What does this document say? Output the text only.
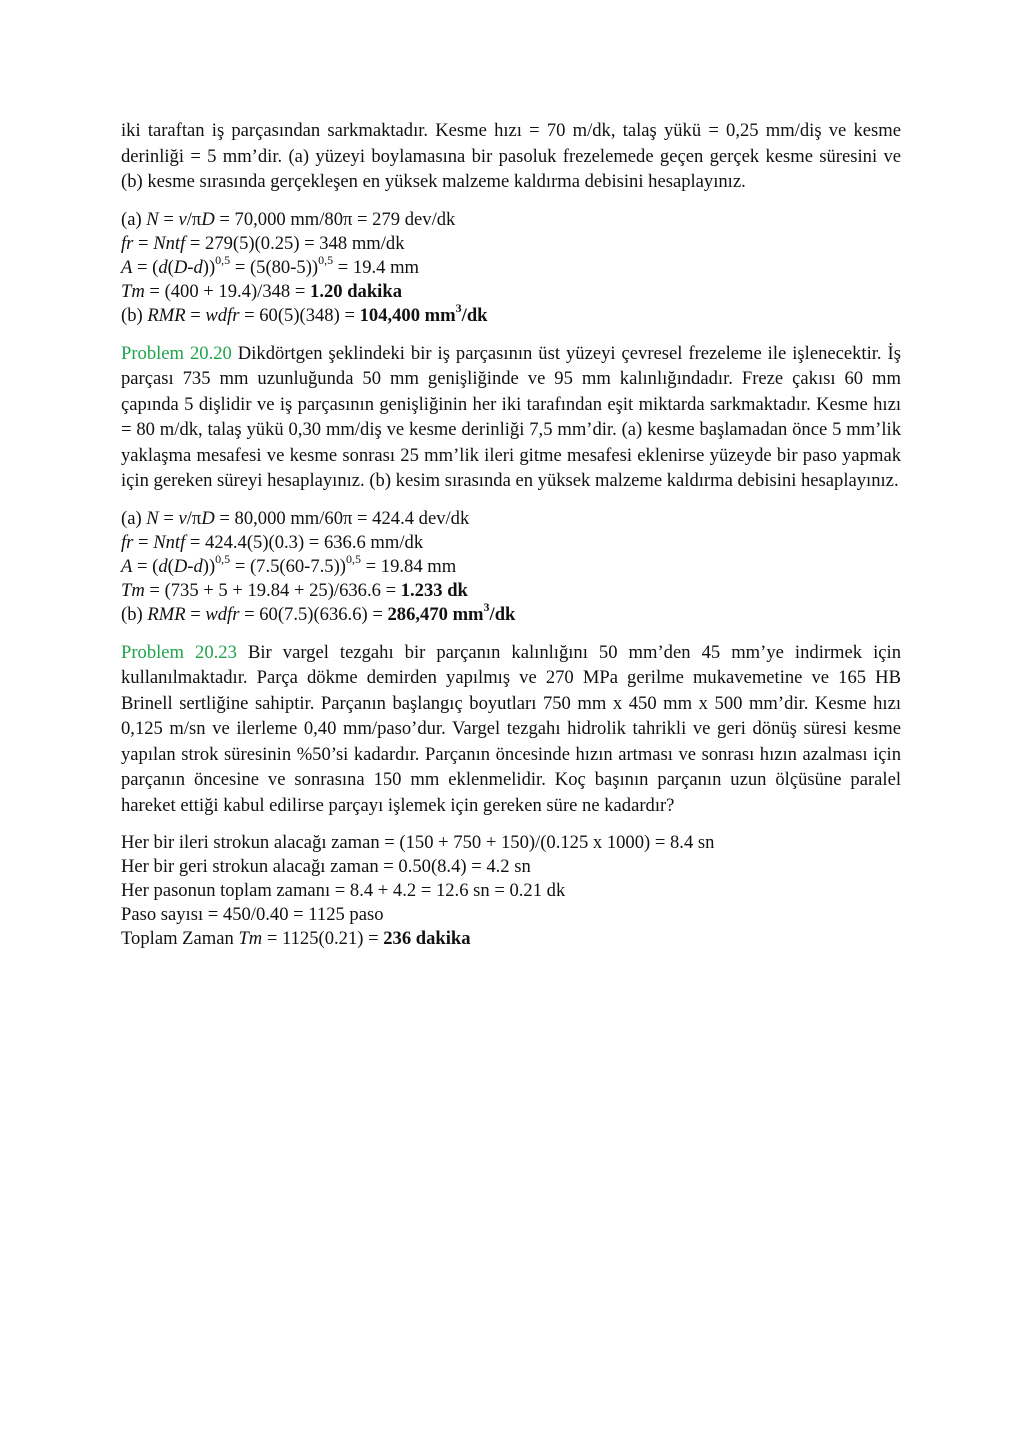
iki taraftan iş parçasından sarkmaktadır. Kesme hızı = 70 m/dk, talaş yükü = 0,25 mm/diş ve kesme derinliği = 5 mm’dir. (a) yüzeyi boylamasına bir pasoluk frezelemede geçen gerçek kesme süresini ve (b) kesme sırasında gerçekleşen en yüksek malzeme kaldırma debisini hesaplayınız.

(a) N = v/πD = 70,000 mm/80π = 279 dev/dk
fr = Nntf = 279(5)(0.25) = 348 mm/dk
$A = (d(D-d))^{0,5} = (5(80-5))^{0,5} = 19.4$ mm
Tm = (400 + 19.4)/348 = 1.20 dakika
(b) RMR = wdfr = 60(5)(348) = 104,400 $mm^3/dk$

Problem 20.20 Dikdörtgen şeklindeki bir iş parçasının üst yüzeyi çevresel frezeleme ile işlenecektir. İş parçası 735 mm uzunluğunda 50 mm genişliğinde ve 95 mm kalınlığındadır. Freze çakısı 60 mm çapında 5 dişlidir ve iş parçasının genişliğinin her iki tarafından eşit miktarda sarkmaktadır. Kesme hızı = 80 m/dk, talaş yükü 0,30 mm/diş ve kesme derinliği 7,5 mm’dir. (a) kesme başlamadan önce 5 mm’lik yaklaşma mesafesi ve kesme sonrası 25 mm’lik ileri gitme mesafesi eklenirse yüzeyde bir paso yapmak için gereken süreyi hesaplayınız. (b) kesim sırasında en yüksek malzeme kaldırma debisini hesaplayınız.

(a) N = v/πD = 80,000 mm/60π = 424.4 dev/dk
fr = Nntf = 424.4(5)(0.3) = 636.6 mm/dk
$A = (d(D-d))^{0,5} = (7.5(60-7.5))^{0,5} = 19.84$ mm
Tm = (735 + 5 + 19.84 + 25)/636.6 = 1.233 dk
(b) RMR = wdfr = 60(7.5)(636.6) = 286,470 $mm^3/dk$

Problem 20.23 Bir vargel tezgahı bir parçanın kalınlığını 50 mm’den 45 mm’ye indirmek için kullanılmaktadır. Parça dökme demirden yapılmış ve 270 MPa gerilme mukavemetine ve 165 HB Brinell sertliğine sahiptir. Parçanın başlangıç boyutları 750 mm x 450 mm x 500 mm’dir. Kesme hızı 0,125 m/sn ve ilerleme 0,40 mm/paso’dur. Vargel tezgahı hidrolik tahrikli ve geri dönüş süresi kesme yapılan strok süresinin %50’si kadardır. Parçanın öncesinde hızın artması ve sonrası hızın azalması için parçanın öncesine ve sonrasına 150 mm eklenmelidir. Koç başının parçanın uzun ölçüsüne paralel hareket ettiği kabul edilirse parçayı işlemek için gereken süre ne kadardır?

Her bir ileri strokun alacağı zaman = (150 + 750 + 150)/(0.125 x 1000) = 8.4 sn
Her bir geri strokun alacağı zaman = 0.50(8.4) = 4.2 sn
Her pasonun toplam zamanı = 8.4 + 4.2 = 12.6 sn = 0.21 dk
Paso sayısı = 450/0.40 = 1125 paso
Toplam Zaman Tm = 1125(0.21) = 236 dakika
